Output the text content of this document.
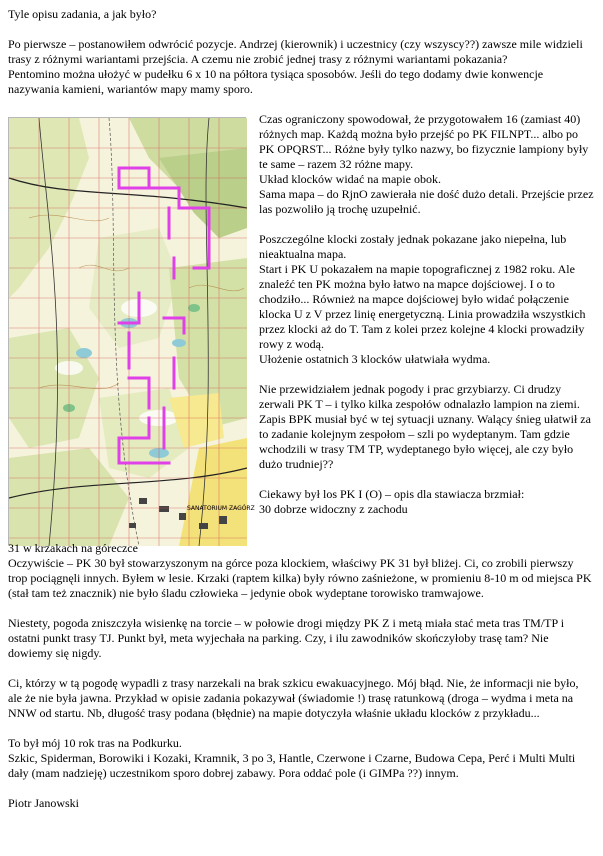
Tyle opisu zadania, a jak było?

Po pierwsze – postanowiłem odwrócić pozycje. Andrzej (kierownik) i uczestnicy (czy wszyscy??) zawsze mile widzieli trasy z różnymi wariantami przejścia. A czemu nie zrobić jednej trasy z różnymi wariantami pokazania?

Pentomino można ułożyć w pudełku 6 x 10 na półtora tysiąca sposobów. Jeśli do tego dodamy dwie konwencje nazywania kamieni, wariantów mapy mamy sporo.

SANATORIUM ZAGÓRZ

Czas ograniczony spowodował, że przygotowałem 16 (zamiast 40) różnych map. Każdą można było przejść po PK FILNPT... albo po PK OPQRST... Różne były tylko nazwy, bo fizycznie lampiony były te same – razem 32 różne mapy.

Układ klocków widać na mapie obok.

Sama mapa – do RjnO zawierała nie dość dużo detali. Przejście przez las pozwoliło ją trochę uzupełnić.

Poszczególne klocki zostały jednak pokazane jako niepełna, lub nieaktualna mapa.

Start i PK U pokazałem na mapie topograficznej z 1982 roku. Ale znaleźć ten PK można było łatwo na mapce dojściowej. I o to chodziło... Również na mapce dojściowej było widać połączenie klocka U z V przez linię energetyczną. Linia prowadziła wszystkich przez klocki aż do T. Tam z kolei przez kolejne 4 klocki prowadziły rowy z wodą.

Ułożenie ostatnich 3 klocków ułatwiała wydma.

Nie przewidziałem jednak pogody i prac grzybiarzy. Ci drudzy zerwali PK T – i tylko kilka zespołów odnalazło lampion na ziemi. Zapis BPK musiał być w tej sytuacji uznany. Walący śnieg ułatwił za to zadanie kolejnym zespołom – szli po wydeptanym. Tam gdzie wchodzili w trasy TM TP, wydeptanego było więcej, ale czy było dużo trudniej??

Ciekawy był los PK I (O) – opis dla stawiacza brzmiał:

30 dobrze widoczny z zachodu

31 w krzakach na góreczce

Oczywiście – PK 30 był stowarzyszonym na górce poza klockiem, właściwy PK 31 był bliżej. Ci, co zrobili pierwszy trop pociągnęli innych. Byłem w lesie. Krzaki (raptem kilka) były równo zaśnieżone, w promieniu 8-10 m od miejsca PK (stał tam też znacznik) nie było śladu człowieka – jedynie obok wydeptane torowisko tramwajowe.

Niestety, pogoda zniszczyła wisienkę na torcie – w połowie drogi między PK Z i metą miała stać meta tras TM/TP i ostatni punkt trasy TJ. Punkt był, meta wyjechała na parking. Czy, i ilu zawodników skończyłoby trasę tam? Nie dowiemy się nigdy.

Ci, którzy w tą pogodę wypadli z trasy narzekali na brak szkicu ewakuacyjnego. Mój błąd. Nie, że informacji nie było, ale że nie była jawna. Przykład w opisie zadania pokazywał (świadomie !) trasę ratunkową (droga – wydma i meta na NNW od startu. Nb, długość trasy podana (błędnie) na mapie dotyczyła właśnie układu klocków z przykładu...

To był mój 10 rok tras na Podkurku.

Szkic, Spiderman, Borowiki i Kozaki, Kramnik, 3 po 3, Hantle, Czerwone i Czarne, Budowa Cepa, Perć i Multi Multi dały (mam nadzieję) uczestnikom sporo dobrej zabawy. Pora oddać pole (i GIMPa ??) innym.

Piotr Janowski
